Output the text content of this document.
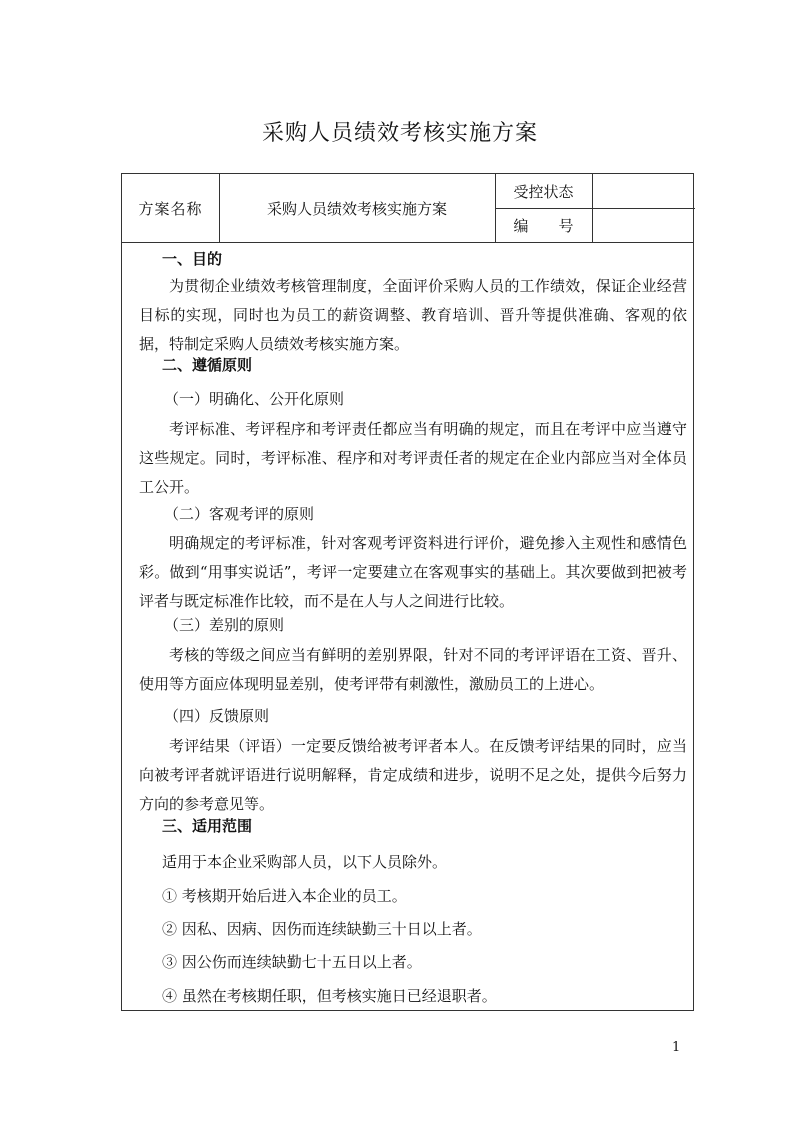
采购人员绩效考核实施方案
方案名称	采购人员绩效考核实施方案
受控状态
编　　号
一、目的
为贯彻企业绩效考核管理制度，全面评价采购人员的工作绩效，保证企业经营目标的实现，同时也为员工的薪资调整、教育培训、晋升等提供准确、客观的依据，特制定采购人员绩效考核实施方案。
二、遵循原则
（一）明确化、公开化原则
考评标准、考评程序和考评责任都应当有明确的规定，而且在考评中应当遵守这些规定。同时，考评标准、程序和对考评责任者的规定在企业内部应当对全体员工公开。
（二）客观考评的原则
明确规定的考评标准，针对客观考评资料进行评价，避免掺入主观性和感情色彩。做到“用事实说话”，考评一定要建立在客观事实的基础上。其次要做到把被考评者与既定标准作比较，而不是在人与人之间进行比较。
（三）差别的原则
考核的等级之间应当有鲜明的差别界限，针对不同的考评评语在工资、晋升、使用等方面应体现明显差别，使考评带有刺激性，激励员工的上进心。
（四）反馈原则
考评结果（评语）一定要反馈给被考评者本人。在反馈考评结果的同时，应当向被考评者就评语进行说明解释，肯定成绩和进步，说明不足之处，提供今后努力方向的参考意见等。
三、适用范围
适用于本企业采购部人员，以下人员除外。
① 考核期开始后进入本企业的员工。
② 因私、因病、因伤而连续缺勤三十日以上者。
③ 因公伤而连续缺勤七十五日以上者。
④ 虽然在考核期任职，但考核实施日已经退职者。
1
